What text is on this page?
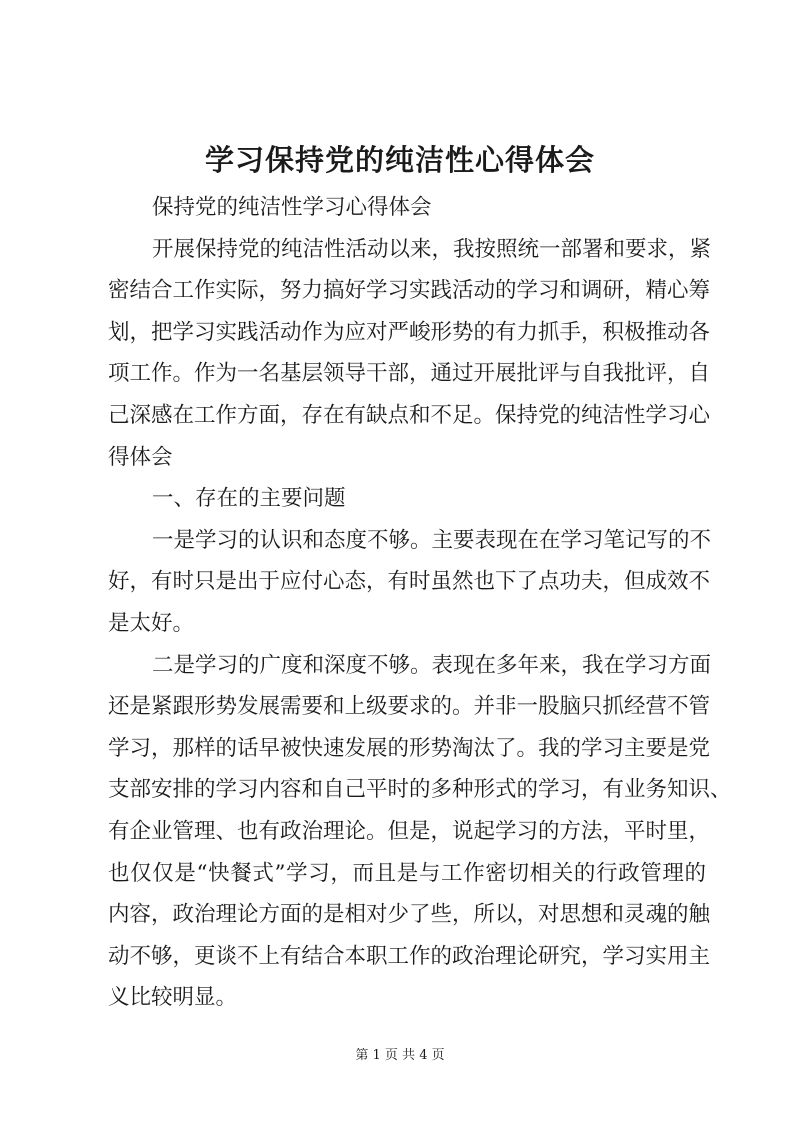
学习保持党的纯洁性心得体会
保持党的纯洁性学习心得体会
开展保持党的纯洁性活动以来，我按照统一部署和要求，紧
密结合工作实际，努力搞好学习实践活动的学习和调研，精心筹
划，把学习实践活动作为应对严峻形势的有力抓手，积极推动各
项工作。作为一名基层领导干部，通过开展批评与自我批评，自
己深感在工作方面，存在有缺点和不足。保持党的纯洁性学习心
得体会
一、存在的主要问题
一是学习的认识和态度不够。主要表现在在学习笔记写的不
好，有时只是出于应付心态，有时虽然也下了点功夫，但成效不
是太好。
二是学习的广度和深度不够。表现在多年来，我在学习方面
还是紧跟形势发展需要和上级要求的。并非一股脑只抓经营不管
学习，那样的话早被快速发展的形势淘汰了。我的学习主要是党
支部安排的学习内容和自己平时的多种形式的学习，有业务知识、
有企业管理、也有政治理论。但是，说起学习的方法，平时里，
也仅仅是“快餐式”学习，而且是与工作密切相关的行政管理的
内容，政治理论方面的是相对少了些，所以，对思想和灵魂的触
动不够，更谈不上有结合本职工作的政治理论研究，学习实用主
义比较明显。
第 1 页 共 4 页
